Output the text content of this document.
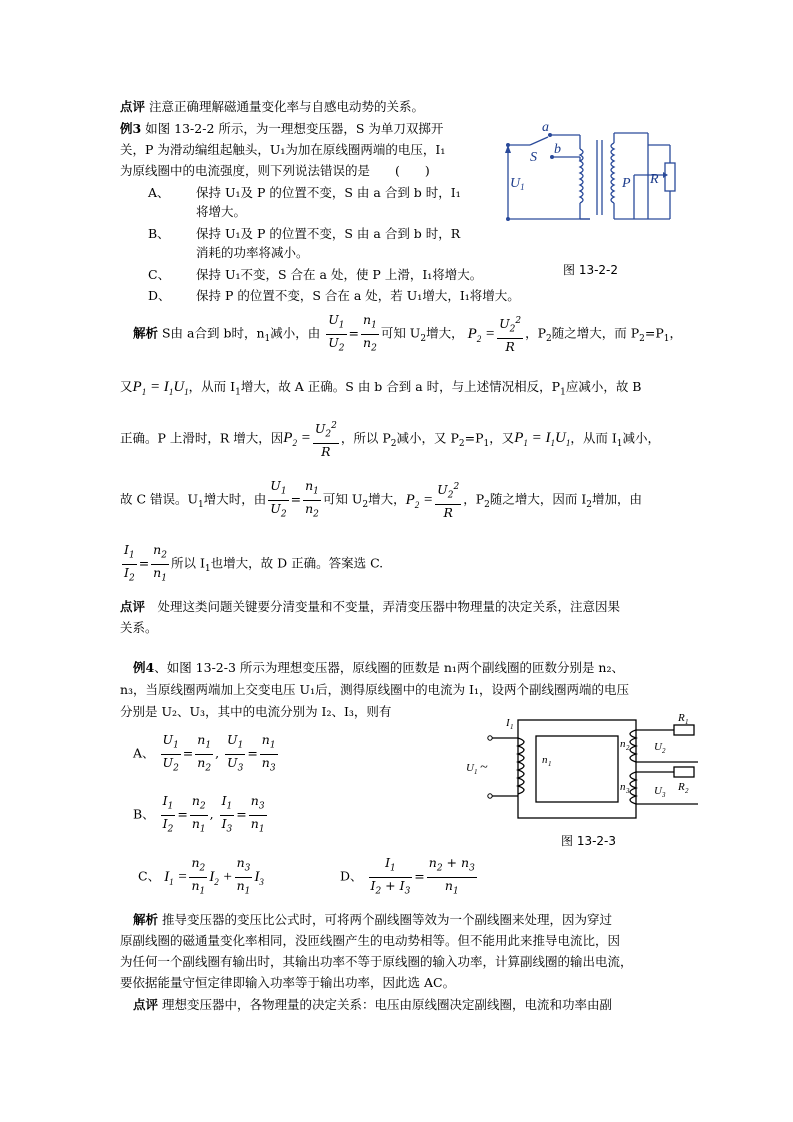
点评 注意正确理解磁通量变化率与自感电动势的关系。
例3 如图 13-2-2 所示，为一理想变压器，S 为单刀双掷开
关，P 为滑动编组起触头，U₁为加在原线圈两端的电压，I₁
为原线圈中的电流强度，则下列说法错误的是　　(　　)
A、 保持 U₁及 P 的位置不变，S 由 a 合到 b 时，I₁
将增大。
B、 保持 U₁及 P 的位置不变，S 由 a 合到 b 时，R
消耗的功率将减小。
C、 保持 U₁不变，S 合在 a 处，使 P 上滑，I₁将增大。
D、 保持 P 的位置不变，S 合在 a 处，若 U₁增大，I₁将增大。
图 13-2-2
a
b
S
$U_1$	P R
解析 S由 a合到 b时，$n_1$减小，由 $\frac{U_1}{U_2} = \frac{n_1}{n_2}$ 可知 $U_2$增大， $P_2 = \frac{U_2^2}{R}$ ，$P_2$随之增大，而 $P_2=P_1$，
又$P_1 = I_1U_1$，从而 $I_1$增大，故 A 正确。S 由 b 合到 a 时，与上述情况相反，$P_1$应减小，故 B
正确。P 上滑时，R 增大，因$P_2 = \frac{U_2^2}{R}$ ，所以 $P_2$减小，又 $P_2=P_1$，又$P_1 = I_1U_1$，从而 $I_1$减小，
故 C 错误。$U_1$增大时，由 $\frac{U_1}{U_2} = \frac{n_1}{n_2}$ 可知 $U_2$增大，$P_2 = \frac{U_2^2}{R}$ ，$P_2$随之增大，因而 $I_2$增加，由
$\frac{I_1}{I_2} = \frac{n_2}{n_1}$ 所以 $I_1$也增大，故 D 正确。答案选 C.
点评　处理这类问题关键要分清变量和不变量，弄清变压器中物理量的决定关系，注意因果
关系。
例4、如图 13-2-3 所示为理想变压器，原线圈的匝数是 n₁两个副线圈的匝数分别是 n₂、
n₃，当原线圈两端加上交变电压 U₁后，测得原线圈中的电流为 I₁，设两个副线圈两端的电压
分别是 U₂、U₃，其中的电流分别为 I₂、I₃，则有
A、 $\frac{U_1}{U_2} = \frac{n_1}{n_2}$ , $\frac{U_1}{U_3} = \frac{n_1}{n_3}$
B、 $\frac{I_1}{I_2} = \frac{n_2}{n_1}$ , $\frac{I_1}{I_3} = \frac{n_3}{n_1}$
C、 $I_1 = \frac{n_2}{n_1} I_2 + \frac{n_3}{n_1} I_3$	D、 $\frac{I_1}{I_2 + I_3} = \frac{n_2 + n_3}{n_1}$
I 1
U 1 ~	n 1
n 2
n 3
U 2
U 3
R 1
R 2
图 13-2-3
解析 推导变压器的变压比公式时，可将两个副线圈等效为一个副线圈来处理，因为穿过
原副线圈的磁通量变化率相同，没匝线圈产生的电动势相等。但不能用此来推导电流比，因
为任何一个副线圈有输出时，其输出功率不等于原线圈的输入功率，计算副线圈的输出电流，
要依据能量守恒定律即输入功率等于输出功率，因此选 AC。
点评 理想变压器中，各物理量的决定关系：电压由原线圈决定副线圈，电流和功率由副
